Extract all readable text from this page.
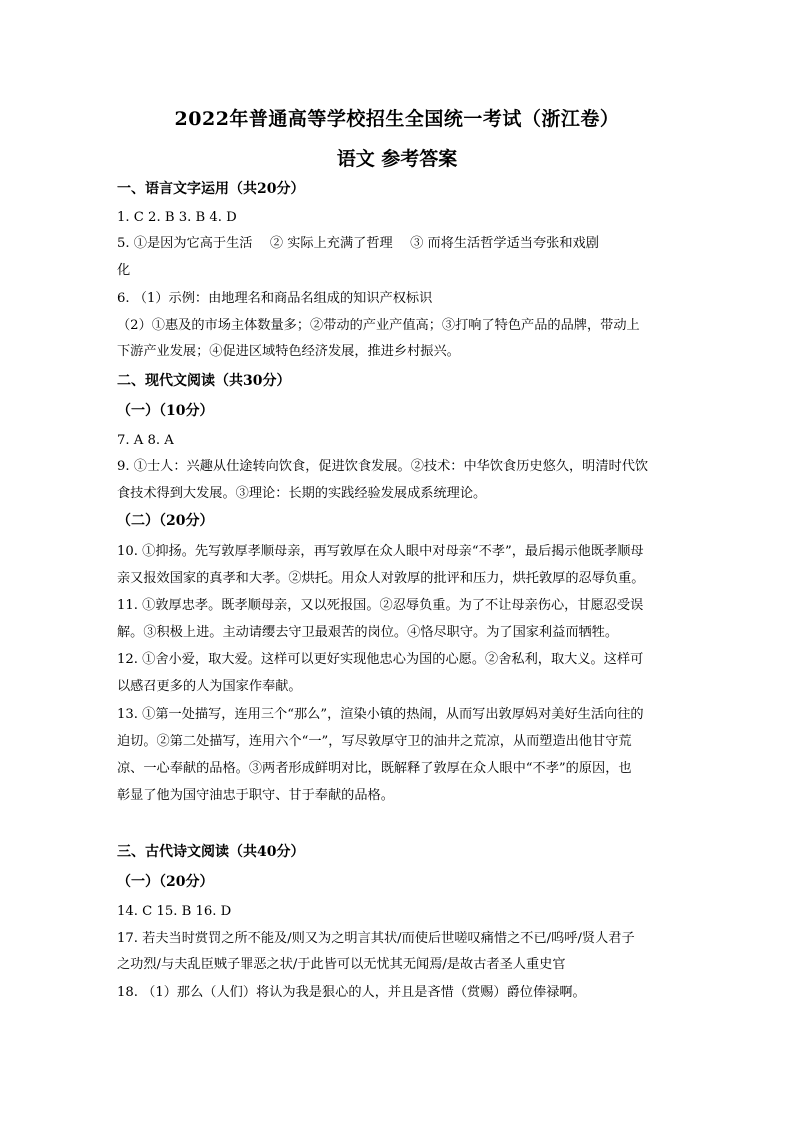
2022年普通高等学校招生全国统一考试（浙江卷）
语文 参考答案
一、语言文字运用（共20分）
1. C 2. B 3. B 4. D
5. ①是因为它高于生活　 ② 实际上充满了哲理　 ③ 而将生活哲学适当夸张和戏剧
化
6. （1）示例：由地理名和商品名组成的知识产权标识
（2）①惠及的市场主体数量多；②带动的产业产值高；③打响了特色产品的品牌，带动上
下游产业发展；④促进区域特色经济发展，推进乡村振兴。
二、现代文阅读（共30分）
（一）（10分）
7. A 8. A
9. ①士人：兴趣从仕途转向饮食，促进饮食发展。②技术：中华饮食历史悠久，明清时代饮
食技术得到大发展。③理论：长期的实践经验发展成系统理论。
（二）（20分）
10. ①抑扬。先写敦厚孝顺母亲，再写敦厚在众人眼中对母亲“不孝”，最后揭示他既孝顺母
亲又报效国家的真孝和大孝。②烘托。用众人对敦厚的批评和压力，烘托敦厚的忍辱负重。
11. ①敦厚忠孝。既孝顺母亲，又以死报国。②忍辱负重。为了不让母亲伤心，甘愿忍受误
解。③积极上进。主动请缨去守卫最艰苦的岗位。④恪尽职守。为了国家利益而牺牲。
12. ①舍小爱，取大爱。这样可以更好实现他忠心为国的心愿。②舍私利，取大义。这样可
以感召更多的人为国家作奉献。
13. ①第一处描写，连用三个“那么”，渲染小镇的热闹，从而写出敦厚妈对美好生活向往的
迫切。②第二处描写，连用六个“一”，写尽敦厚守卫的油井之荒凉，从而塑造出他甘守荒
凉、一心奉献的品格。③两者形成鲜明对比，既解释了敦厚在众人眼中“不孝”的原因，也
彰显了他为国守油忠于职守、甘于奉献的品格。
三、古代诗文阅读（共40分）
（一）（20分）
14. C 15. B 16. D
17. 若夫当时赏罚之所不能及/则又为之明言其状/而使后世嗟叹痛惜之不已/呜呼/贤人君子
之功烈/与夫乱臣贼子罪恶之状/于此皆可以无忧其无闻焉/是故古者圣人重史官
18. （1）那么（人们）将认为我是狠心的人，并且是吝惜（赏赐）爵位俸禄啊。
